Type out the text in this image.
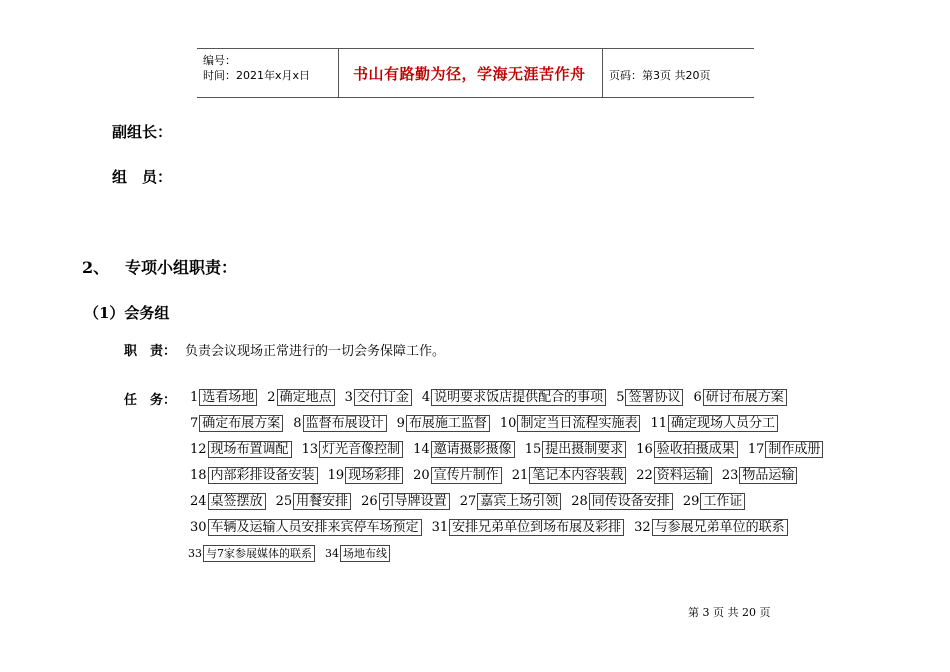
编号：
时间：2021年x月x日	书山有路勤为径，学海无涯苦作舟 页码：第3页 共20页
副组长：
组　员：
2、 专项小组职责：
（1）会务组
职　责： 负责会议现场正常进行的一切会务保障工作。
任　务： 1 选看场地 2 确定地点 3 交付订金 4 说明要求饭店提供配合的事项 5 签署协议 6 研讨布展方案
7 确定布展方案 8 监督布展设计 9 布展施工监督 10 制定当日流程实施表 11 确定现场人员分工
12 现场布置调配 13 灯光音像控制 14 邀请摄影摄像 15 提出摄制要求 16 验收拍摄成果 17 制作成册
18 内部彩排设备安装 19 现场彩排 20 宣传片制作 21 笔记本内容装载 22 资料运输 23 物品运输
24 桌签摆放 25 用餐安排 26 引导牌设置 27 嘉宾上场引领 28 同传设备安排 29 工作证
30 车辆及运输人员安排来宾停车场预定 31 安排兄弟单位到场布展及彩排 32 与参展兄弟单位的联系
33 与7家参展媒体的联系 34 场地布线
第 3 页 共 20 页
